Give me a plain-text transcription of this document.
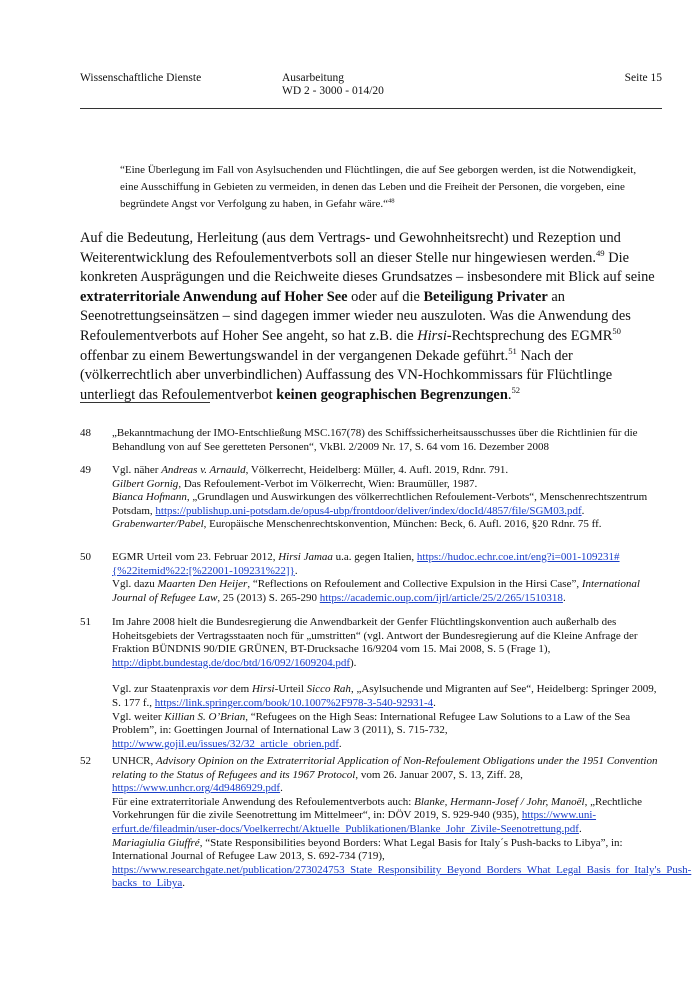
Wissenschaftliche Dienste	Ausarbeitung
WD 2 - 3000 - 014/20
Seite 15
“Eine Überlegung im Fall von Asylsuchenden und Flüchtlingen, die auf See geborgen werden, ist die Notwendigkeit, eine Ausschiffung in Gebieten zu vermeiden, in denen das Leben und die Freiheit der Personen, die vorgeben, eine begründete Angst vor Verfolgung zu haben, in Gefahr wäre.“$^{48}$
Auf die Bedeutung, Herleitung (aus dem Vertrags- und Gewohnheitsrecht) und Rezeption und Weiterentwicklung des Refoulementverbots soll an dieser Stelle nur hingewiesen werden.$^{49}$ Die konkreten Ausprägungen und die Reichweite dieses Grundsatzes – insbesondere mit Blick auf seine extraterritoriale Anwendung auf Hoher See oder auf die Beteiligung Privater an Seenotrettungseinsätzen – sind dagegen immer wieder neu auszuloten. Was die Anwendung des Refoulementverbots auf Hoher See angeht, so hat z.B. die Hirsi-Rechtsprechung des EGMR$^{50}$ offenbar zu einem Bewertungswandel in der vergangenen Dekade geführt.$^{51}$ Nach der (völkerrechtlich aber unverbindlichen) Auffassung des VN-Hochkommissars für Flüchtlinge unterliegt das Refoulementverbot keinen geographischen Begrenzungen.$^{52}$
48	„Bekanntmachung der IMO-Entschließung MSC.167(78) des Schiffssicherheitsausschusses über die Richtlinien für die Behandlung von auf See geretteten Personen“, VkBl. 2/2009 Nr. 17, S. 64 vom 16. Dezember 2008
49	Vgl. näher Andreas v. Arnauld, Völkerrecht, Heidelberg: Müller, 4. Aufl. 2019, Rdnr. 791.

Gilbert Gornig, Das Refoulement-Verbot im Völkerrecht, Wien: Braumüller, 1987.

Bianca Hofmann, „Grundlagen und Auswirkungen des völkerrechtlichen Refoulement-Verbots“, Menschenrechtszentrum Potsdam, https://publishup.uni-potsdam.de/opus4-ubp/frontdoor/deliver/index/docId/4857/file/SGM03.pdf.

Grabenwarter/Pabel, Europäische Menschenrechtskonvention, München: Beck, 6. Aufl. 2016, §20 Rdnr. 75 ff.

50	EGMR Urteil vom 23. Februar 2012, Hirsi Jamaa u.a. gegen Italien, https://hudoc.echr.coe.int/eng?i=001-109231#{%22itemid%22:[%22001-109231%22]}.

Vgl. dazu Maarten Den Heijer, “Reflections on Refoulement and Collective Expulsion in the Hirsi Case”, International Journal of Refugee Law, 25 (2013) S. 265-290 https://academic.oup.com/ijrl/article/25/2/265/1510318.

51	Im Jahre 2008 hielt die Bundesregierung die Anwendbarkeit der Genfer Flüchtlingskonvention auch außerhalb des Hoheitsgebiets der Vertragsstaaten noch für „umstritten“ (vgl. Antwort der Bundesregierung auf die Kleine Anfrage der Fraktion BÜNDNIS 90/DIE GRÜNEN, BT-Drucksache 16/9204 vom 15. Mai 2008, S. 5 (Frage 1), http://dipbt.bundestag.de/doc/btd/16/092/1609204.pdf).

Vgl. zur Staatenpraxis vor dem Hirsi-Urteil Sicco Rah, „Asylsuchende und Migranten auf See“, Heidelberg: Springer 2009, S. 177 f., https://link.springer.com/book/10.1007%2F978-3-540-92931-4.

Vgl. weiter Killian S. O’Brian, “Refugees on the High Seas: International Refugee Law Solutions to a Law of the Sea Problem”, in: Goettingen Journal of International Law 3 (2011), S. 715-732, http://www.gojil.eu/issues/32/32_article_obrien.pdf.

52	UNHCR, Advisory Opinion on the Extraterritorial Application of Non-Refoulement Obligations under the 1951 Convention relating to the Status of Refugees and its 1967 Protocol, vom 26. Januar 2007, S. 13, Ziff. 28, https://www.unhcr.org/4d9486929.pdf.

Für eine extraterritoriale Anwendung des Refoulementverbots auch: Blanke, Hermann-Josef / Johr, Manoël, „Rechtliche Vorkehrungen für die zivile Seenotrettung im Mittelmeer“, in: DÖV 2019, S. 929-940 (935), https://www.uni-erfurt.de/fileadmin/user-docs/Voelkerrecht/Aktuelle_Publikationen/Blanke_Johr_Zivile-Seenotrettung.pdf.

Mariagiulia Giuffré, “State Responsibilities beyond Borders: What Legal Basis for Italy´s Push-backs to Libya”, in: International Journal of Refugee Law 2013, S. 692-734 (719), https://www.researchgate.net/publication/273024753_State_Responsibility_Beyond_Borders_What_Legal_Basis_for_Italy's_Push-backs_to_Libya.
